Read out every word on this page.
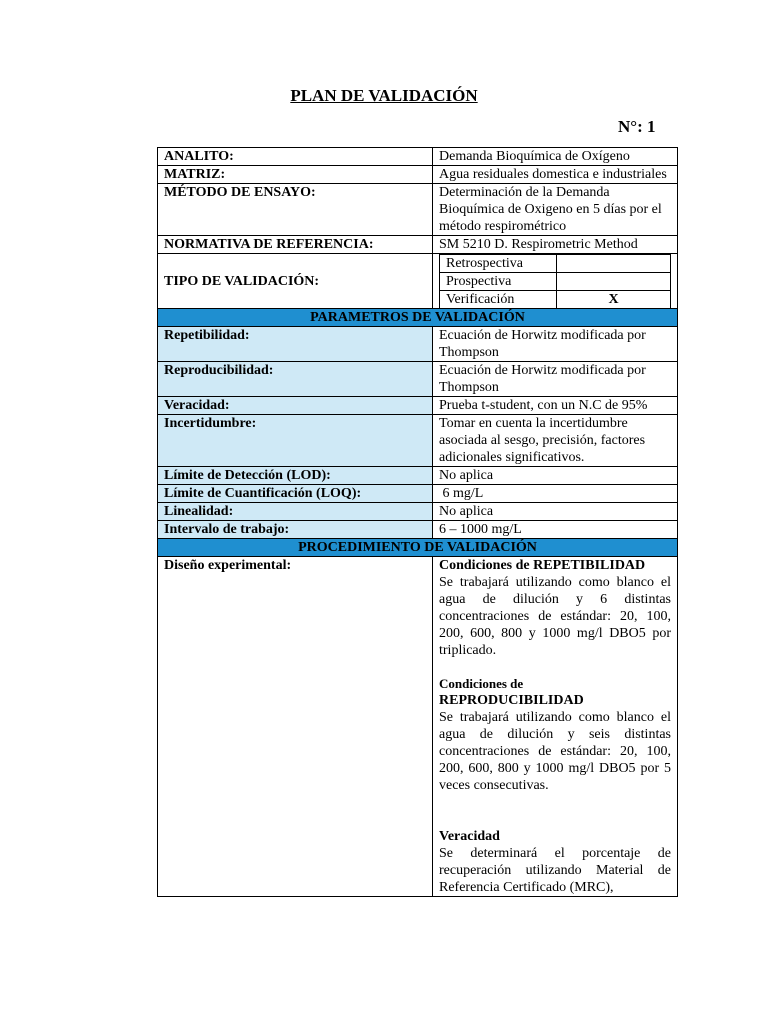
PLAN DE VALIDACIÓN
N°: 1
ANALITO:	Demanda Bioquímica de Oxígeno
MATRIZ:	Agua residuales domestica e industriales
MÉTODO DE ENSAYO:	Determinación de la Demanda Bioquímica de Oxigeno en 5 días por el método respirométrico
NORMATIVA DE REFERENCIA:	SM 5210 D. Respirometric Method
TIPO DE VALIDACIÓN:	
Retrospectiva	
Prospectiva	
Verificación	X

PARAMETROS DE VALIDACIÓN
Repetibilidad:	Ecuación de Horwitz modificada por Thompson
Reproducibilidad:	Ecuación de Horwitz modificada por Thompson
Veracidad:	Prueba t-student, con un N.C de 95%
Incertidumbre:	Tomar en cuenta la incertidumbre asociada al sesgo, precisión, factores adicionales significativos.
Límite de Detección (LOD):	No aplica
Límite de Cuantificación (LOQ):	6 mg/L
Linealidad:	No aplica
Intervalo de trabajo:	6 – 1000 mg/L
PROCEDIMIENTO DE VALIDACIÓN
Diseño experimental:	Condiciones de REPETIBILIDAD
Se trabajará utilizando como blanco el agua de dilución y 6 distintas concentraciones de estándar: 20, 100, 200, 600, 800 y 1000 mg/l DBO5 por triplicado.
Condiciones de
REPRODUCIBILIDAD
Se trabajará utilizando como blanco el agua de dilución y seis distintas concentraciones de estándar: 20, 100, 200, 600, 800 y 1000 mg/l DBO5 por 5 veces consecutivas.
Veracidad
Se determinará el porcentaje de recuperación utilizando Material de Referencia Certificado (MRC),
